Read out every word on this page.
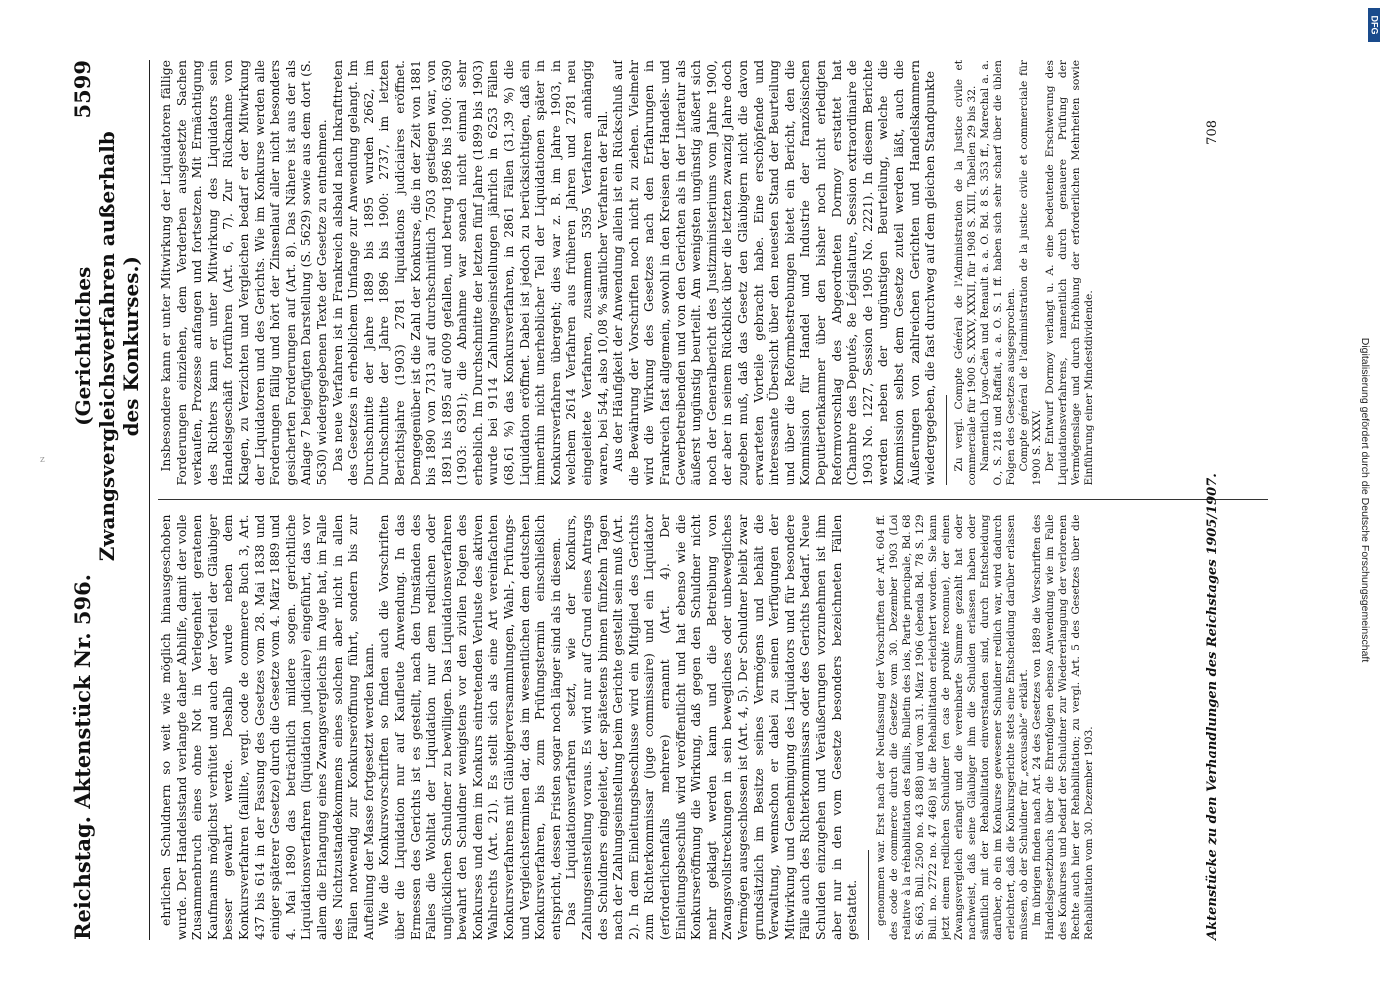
Reichstag. Aktenstück Nr. 596.
(Gerichtliches Zwangsvergleichsverfahren außerhalb des Konkurses.)
5599

ehrlichen Schuldnern so weit wie möglich hinausgeschoben wurde. Der Handelsstand verlangte daher Abhilfe, damit der volle Zusammenbruch eines ohne Not in Verlegenheit geratenen Kaufmanns möglichst verhütet und auch der Vorteil der Gläubiger besser gewahrt werde. Deshalb wurde neben dem Konkursverfahren (faillite, vergl. code de commerce Buch 3, Art. 437 bis 614 in der Fassung des Gesetzes vom 28. Mai 1838 und einiger späterer Gesetze) durch die Gesetze vom 4. März 1889 und 4. Mai 1890 das beträchtlich mildere sogen. gerichtliche Liquidationsverfahren (liquidation judiciaire) eingeführt, das vor allem die Erlangung eines Zwangsvergleichs im Auge hat, im Falle des Nichtzustandekommens eines solchen aber nicht in allen Fällen notwendig zur Konkurseröffnung führt, sondern bis zur Aufteilung der Masse fortgesetzt werden kann. Wie die Konkursvorschriften so finden auch die Vorschriften über die Liquidation nur auf Kaufleute Anwendung. In das Ermessen des Gerichts ist es gestellt, nach den Umständen des Falles die Wohltat der Liquidation nur dem redlichen oder unglücklichen Schuldner zu bewilligen. Das Liquidationsverfahren bewahrt den Schuldner wenigstens vor den zivilen Folgen des Konkurses und dem im Konkurs eintretenden Verluste des aktiven Wahlrechts (Art. 21). Es stellt sich als eine Art vereinfachten Konkursverfahrens mit Gläubigerversammlungen, Wahl-, Prüfungs- und Vergleichsterminen dar, das im wesentlichen dem deutschen Konkursverfahren, bis zum Prüfungstermin einschließlich entspricht, dessen Fristen sogar noch länger sind als in diesem. Das Liquidationsverfahren setzt, wie der Konkurs, Zahlungseinstellung voraus. Es wird nur auf Grund eines Antrags des Schuldners eingeleitet, der spätestens binnen fünfzehn Tagen nach der Zahlungseinstellung beim Gerichte gestellt sein muß (Art. 2). In dem Einleitungsbeschlusse wird ein Mitglied des Gerichts zum Richterkommissar (juge commissaire) und ein Liquidator (erforderlichenfalls mehrere) ernannt (Art. 4). Der Einleitungsbeschluß wird veröffentlicht und hat ebenso wie die Konkurseröffnung die Wirkung, daß gegen den Schuldner nicht mehr geklagt werden kann und die Betreibung von Zwangsvollstreckungen in sein bewegliches oder unbewegliches Vermögen ausgeschlossen ist (Art. 4, 5). Der Schuldner bleibt zwar grundsätzlich im Besitze seines Vermögens und behält die Verwaltung, wennschon er dabei zu seinen Verfügungen der Mitwirkung und Genehmigung des Liquidators und für besondere Fälle auch des Richterkommissars oder des Gerichts bedarf. Neue Schulden einzugehen und Veräußerungen vorzunehmen ist ihm aber nur in den vom Gesetze besonders bezeichneten Fällen gestattet. genommen war. Erst nach der Neufassung der Vorschriften der Art. 604 ff. des code de commerce durch die Gesetze vom 30. Dezember 1903 (Loi relative à la réhabilitation des faillis, Bulletin des lois, Partie principale, Bd. 68 S. 663, Bull. 2500 no. 43 888) und vom 31. März 1906 (ebenda Bd. 78 S. 129 Bull. no. 2722 no. 47 468) ist die Rehabilitation erleichtert worden. Sie kann jetzt einem redlichen Schuldner (en cas de probité reconnue), der einen Zwangsvergleich erlangt und die vereinbarte Summe gezahlt hat oder nachweist, daß seine Gläubiger ihm die Schulden erlassen haben oder sämtlich mit der Rehabilitation einverstanden sind, durch Entscheidung darüber, ob ein im Konkurse gewesener Schuldner redlich war, wird dadurch erleichtert, daß die Konkursgerichte stets eine Entscheidung darüber erlassen müssen, ob der Schuldner für „excusable“ erklärt. Im übrigen finden nach Art. 24 des Gesetzes von 1889 die Vorschriften des Handelsgesetzbuchs über die Ehrenfolgen ebenso Anwendung wie im Falle des Konkurses und bedarf der Schuldner zur Wiedererlangung der verlorenen Rechte auch hier der Rehabilitation; zu vergl. Art. 5 des Gesetzes über die Rehabilitation vom 30. Dezember 1903.

Insbesondere kann er unter Mitwirkung der Liquidatoren fällige Forderungen einziehen, dem Verderben ausgesetzte Sachen verkaufen, Prozesse anfangen und fortsetzen. Mit Ermächtigung des Richters kann er unter Mitwirkung des Liquidators sein Handelsgeschäft fortführen (Art. 6, 7). Zur Rücknahme von Klagen, zu Verzichten und Vergleichen bedarf er der Mitwirkung der Liquidatoren und des Gerichts. Wie im Konkurse werden alle Forderungen fällig und hört der Zinsenlauf aller nicht besonders gesicherten Forderungen auf (Art. 8). Das Nähere ist aus der als Anlage 7 beigefügten Darstellung (S. 5629) sowie aus dem dort (S. 5630) wiedergegebenen Texte der Gesetze zu entnehmen. Das neue Verfahren ist in Frankreich alsbald nach Inkrafttreten des Gesetzes in erheblichem Umfange zur Anwendung gelangt. Im Durchschnitte der Jahre 1889 bis 1895 wurden 2662, im Durchschnitte der Jahre 1896 bis 1900: 2737, im letzten Berichtsjahre (1903) 2781 liquidations judiciaires eröffnet. Demgegenüber ist die Zahl der Konkurse, die in der Zeit von 1881 bis 1890 von 7313 auf durchschnittlich 7503 gestiegen war, von 1891 bis 1895 auf 6009 gefallen, und betrug 1896 bis 1900: 6390 (1903: 6391); die Abnahme war sonach nicht einmal sehr erheblich. Im Durchschnitte der letzten fünf Jahre (1899 bis 1903) wurde bei 9114 Zahlungseinstellungen jährlich in 6253 Fällen (68,61 %) das Konkursverfahren, in 2861 Fällen (31,39 %) die Liquidation eröffnet. Dabei ist jedoch zu berücksichtigen, daß ein immerhin nicht unerheblicher Teil der Liquidationen später in Konkursverfahren übergeht; dies war z. B. im Jahre 1903, in welchem 2614 Verfahren aus früheren Jahren und 2781 neu eingeleitete Verfahren, zusammen 5395 Verfahren anhängig waren, bei 544, also 10,08 % sämtlicher Verfahren der Fall. Aus der Häufigkeit der Anwendung allein ist ein Rückschluß auf die Bewährung der Vorschriften noch nicht zu ziehen. Vielmehr wird die Wirkung des Gesetzes nach den Erfahrungen in Frankreich fast allgemein, sowohl in den Kreisen der Handels- und Gewerbetreibenden und von den Gerichten als in der Literatur als äußerst ungünstig beurteilt. Am wenigsten ungünstig äußert sich noch der Generalbericht des Justizministeriums vom Jahre 1900, der aber in seinem Rückblick über die letzten zwanzig Jahre doch zugeben muß, daß das Gesetz den Gläubigern nicht die davon erwarteten Vorteile gebracht habe. Eine erschöpfende und interessante Übersicht über den neuesten Stand der Beurteilung und über die Reformbestrebungen bietet ein Bericht, den die Kommission für Handel und Industrie der französischen Deputiertenkammer über den bisher noch nicht erledigten Reformvorschlag des Abgeordneten Dormoy erstattet hat (Chambre des Deputés, 8e Législature, Session extraordinaire de 1903 No. 1227, Session de 1905 No. 2221). In diesem Berichte werden neben der ungünstigen Beurteilung, welche die Kommission selbst dem Gesetze zuteil werden läßt, auch die Äußerungen von zahlreichen Gerichten und Handelskammern wiedergegeben, die fast durchweg auf dem gleichen Standpunkte Zu vergl. Compte Général de l'Administration de la Justice civile et commerciale für 1900 S. XXXV, XXXII, für 1908 S. XIII, Tabellen 29 bis 32. Namentlich Lyon-Caën und Renault a. a. O. Bd. 8 S. 353 ff., Marechal a. a. O., S. 218 und Raffait, a. a. O. S. 1 ff. haben sich sehr scharf über die üblen Folgen des Gesetzes ausgesprochen. Compte général de l'administration de la justice civile et commerciale für 1900 S. XXXV. Der Entwurf Dormoy verlangt u. A. eine bedeutende Erschwerung des Liquidationsverfahrens, namentlich durch genauere Prüfung der Vermögenslage und durch Erhöhung der erforderlichen Mehrheiten sowie Einführung einer Mindestdividende.

Aktenstücke zu den Verhandlungen des Reichstages 1905/1907.
708
DFG
Digitalisierung gefördert durch die Deutsche Forschungsgemeinschaft
z
